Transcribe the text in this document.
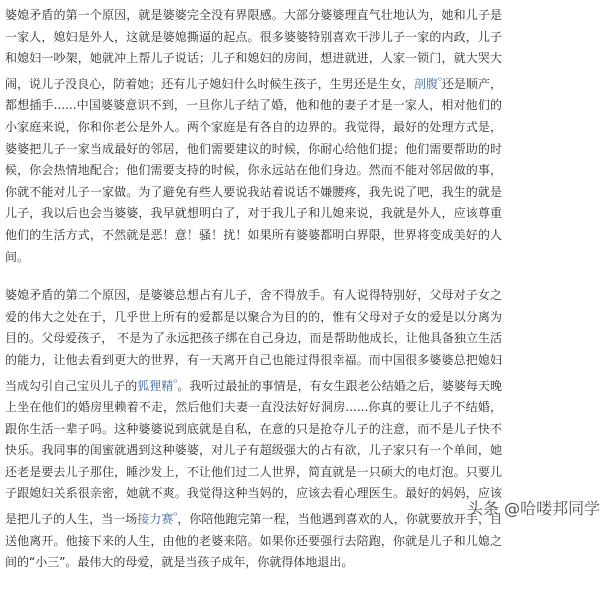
婆媳矛盾的第一个原因，就是婆婆完全没有界限感。大部分婆婆理直气壮地认为，她和儿子是一家人，媳妇是外人，这就是婆媳撕逼的起点。很多婆婆特别喜欢干涉儿子一家的内政，儿子和媳妇一吵架，她就冲上帮儿子说话；儿子和媳妇的房间，想进就进，人家一锁门，就大哭大闹，说儿子没良心，防着她；还有儿子媳妇什么时候生孩子，生男还是生女，剖腹$^ᴼ$还是顺产，都想插手......中国婆婆意识不到，一旦你儿子结了婚，他和他的妻子才是一家人，相对他们的小家庭来说，你和你老公是外人。两个家庭是有各自的边界的。我觉得，最好的处理方式是，婆婆把儿子一家当成最好的邻居，他们需要建议的时候，你耐心给他们提；他们需要帮助的时候，你会热情地配合；他们需要支持的时候，你永远站在他们身边。然而不能对邻居做的事，你就不能对儿子一家做。为了避免有些人要说我站着说话不嫌腰疼，我先说了吧，我生的就是儿子，我以后也会当婆婆，我早就想明白了，对于我儿子和儿媳来说，我就是外人，应该尊重他们的生活方式，不然就是恶！意！骚！扰！如果所有婆婆都明白界限，世界将变成美好的人间。

婆媳矛盾的第二个原因，是婆婆总想占有儿子，舍不得放手。有人说得特别好，父母对子女之爱的伟大之处在于，几乎世上所有的爱都是以聚合为目的的，惟有父母对子女的爱是以分离为目的。父母爱孩子， 不是为了永远把孩子绑在自己身边，而是帮助他成长，让他具备独立生活的能力，让他去看到更大的世界，有一天离开自己也能过得很幸福。而中国很多婆婆总把媳妇当成勾引自己宝贝儿子的狐狸精$^ᴼ$。我听过最扯的事情是，有女生跟老公结婚之后，婆婆每天晚上坐在他们的婚房里赖着不走，然后他们夫妻一直没法好好洞房......你真的要让儿子不结婚，跟你生活一辈子吗。这种婆婆说到底就是自私，在意的只是抢夺儿子的注意，而不是儿子快不快乐。我同事的闺蜜就遇到这种婆婆，对儿子有超级强大的占有欲，儿子家只有一个单间，她还老是要去儿子那住，睡沙发上，不让他们过二人世界，简直就是一只硕大的电灯泡。只要儿子跟媳妇关系很亲密，她就不爽。我觉得这种当妈的，应该去看心理医生。最好的妈妈，应该是把儿子的人生，当一场接力赛$^ᴼ$，你陪他跑完第一程，当他遇到喜欢的人，你就要放开手，目送他离开。他接下来的人生，由他的老婆来陪。如果你还要强行去陪跑，你就是儿子和儿媳之间的“小三”。最伟大的母爱，就是当孩子成年，你就得体地退出。

头条 @哈喽邦同学
